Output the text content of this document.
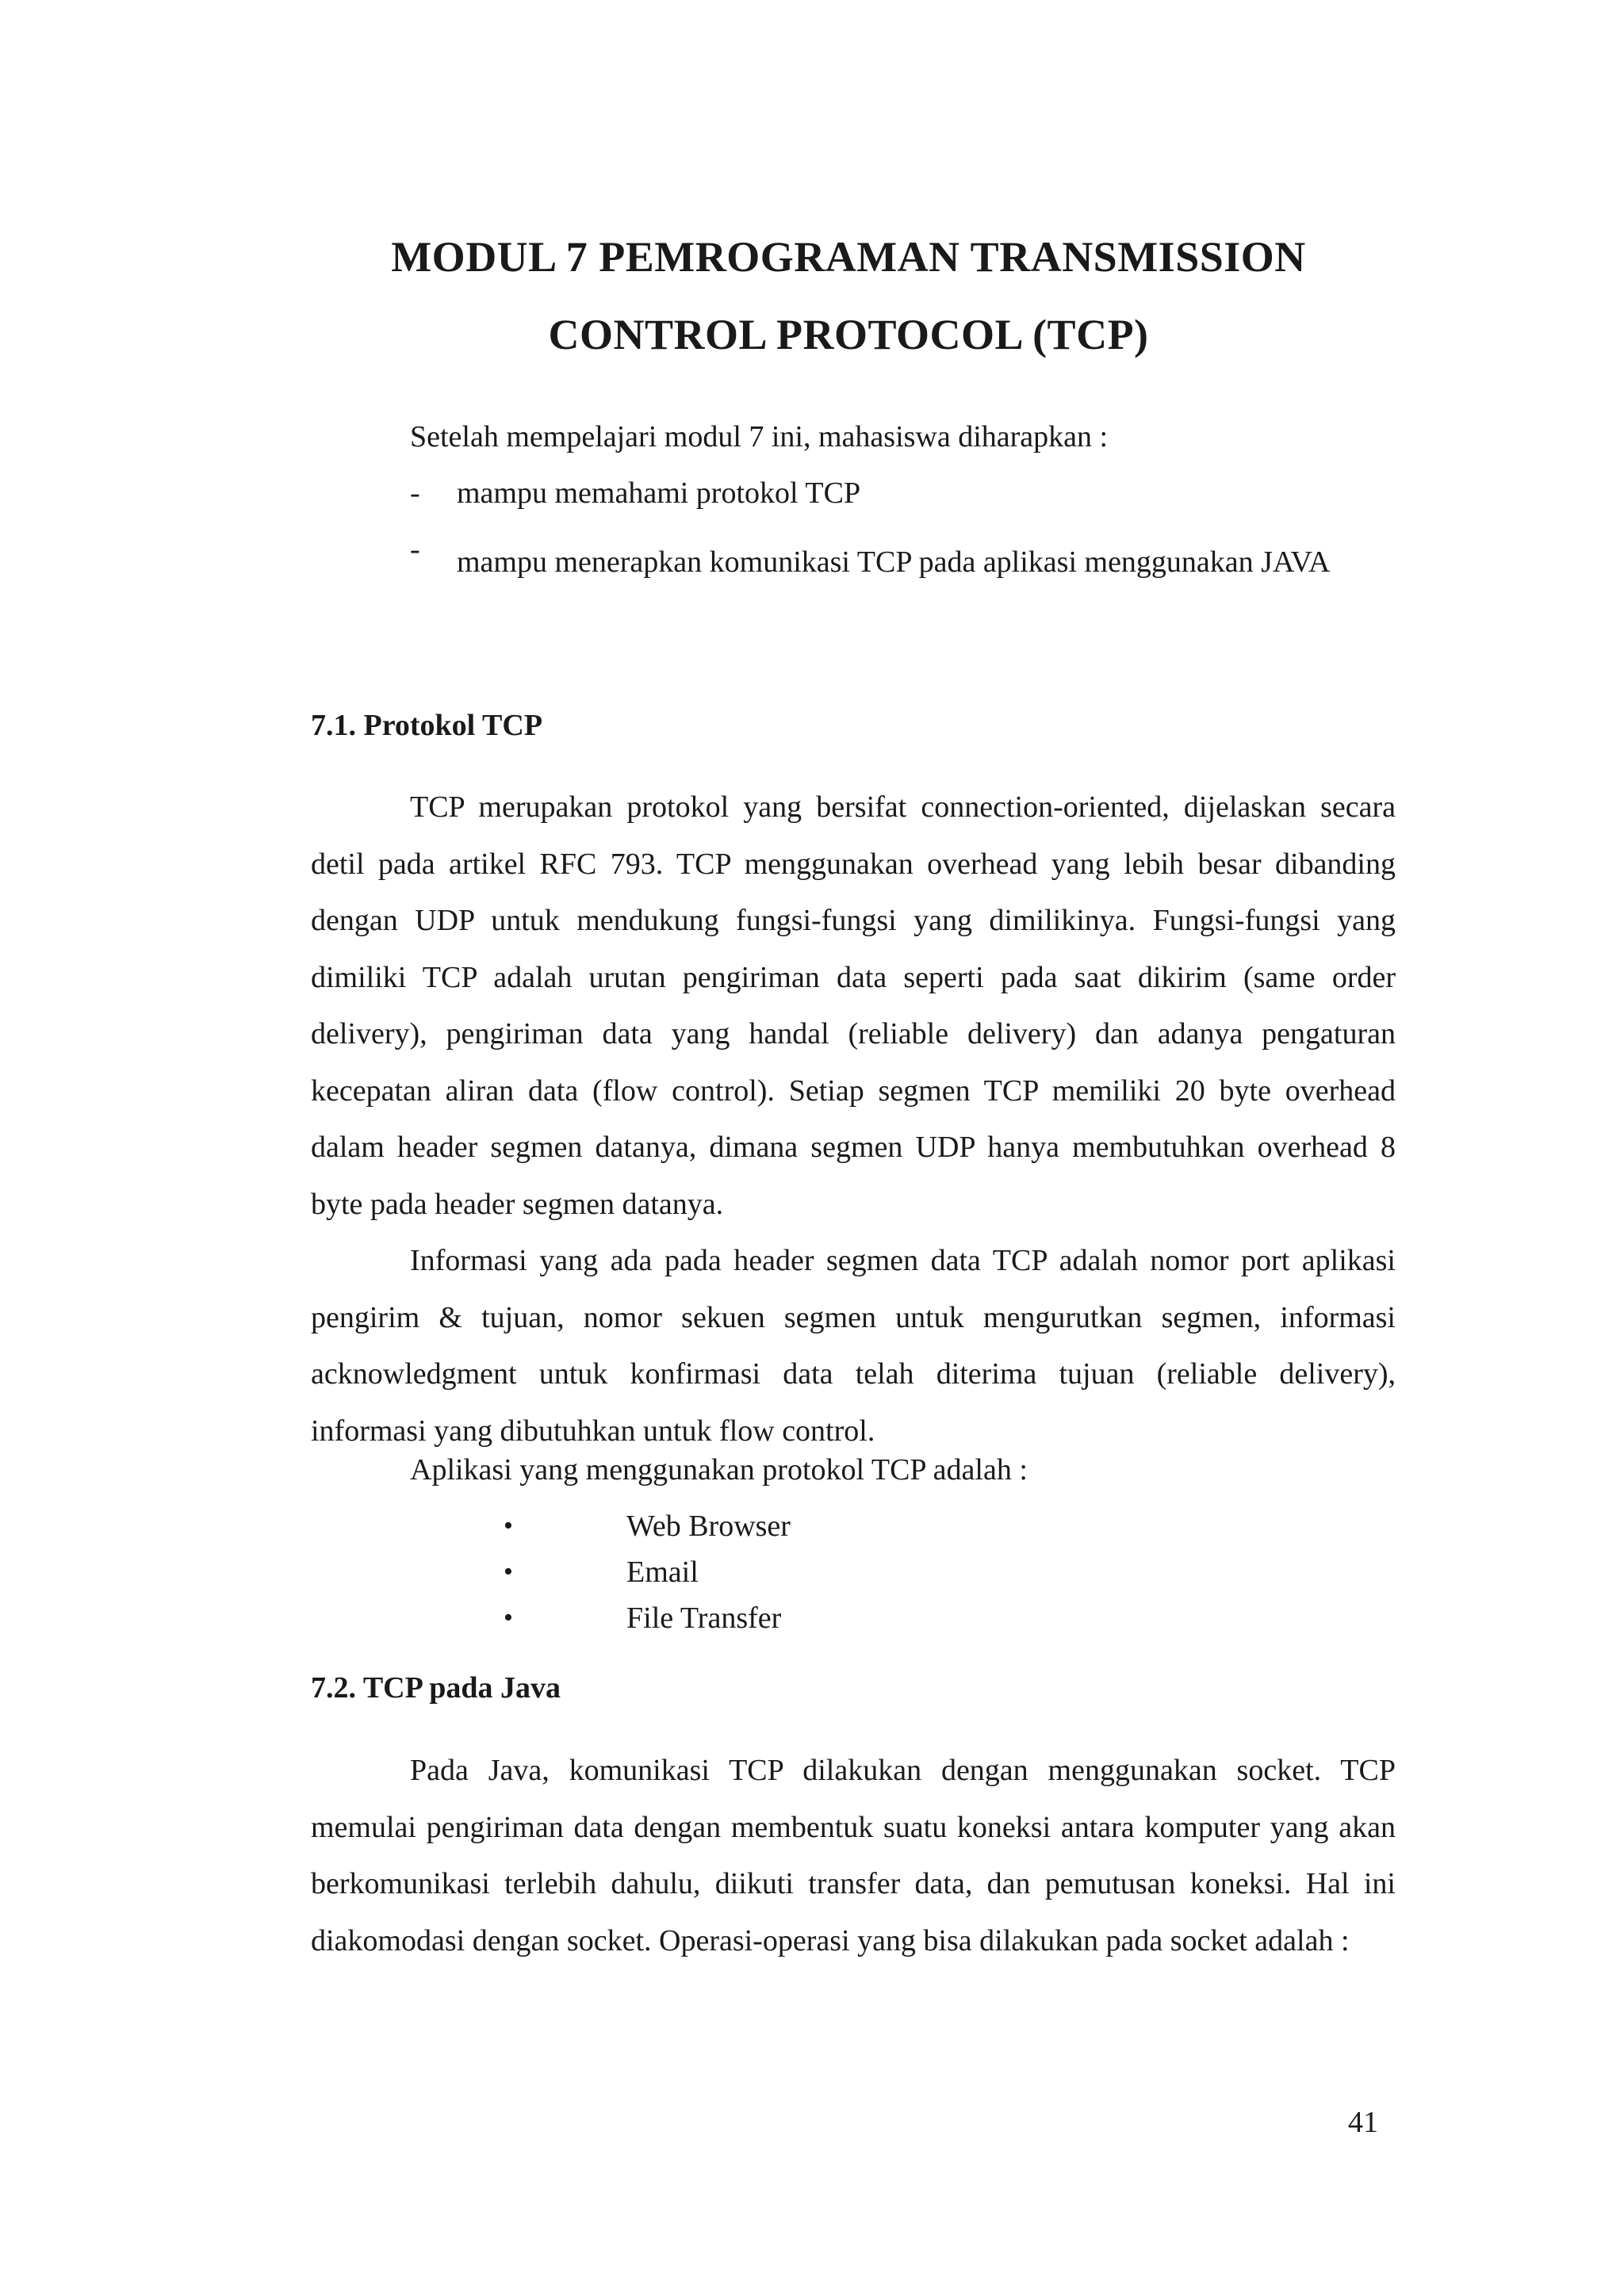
MODUL 7 PEMROGRAMAN TRANSMISSION
CONTROL PROTOCOL (TCP)
Setelah mempelajari modul 7 ini, mahasiswa diharapkan :
- mampu memahami protokol TCP
- mampu menerapkan komunikasi TCP pada aplikasi menggunakan JAVA
7.1. Protokol TCP

TCP merupakan protokol yang bersifat connection-oriented, dijelaskan secara detil pada artikel RFC 793. TCP menggunakan overhead yang lebih besar dibanding dengan UDP untuk mendukung fungsi-fungsi yang dimilikinya. Fungsi-fungsi yang dimiliki TCP adalah urutan pengiriman data seperti pada saat dikirim (same order delivery), pengiriman data yang handal (reliable delivery) dan adanya pengaturan kecepatan aliran data (flow control). Setiap segmen TCP memiliki 20 byte overhead dalam header segmen datanya, dimana segmen UDP hanya membutuhkan overhead 8 byte pada header segmen datanya.

Informasi yang ada pada header segmen data TCP adalah nomor port aplikasi pengirim & tujuan, nomor sekuen segmen untuk mengurutkan segmen, informasi acknowledgment untuk konfirmasi data telah diterima tujuan (reliable delivery), informasi yang dibutuhkan untuk flow control.

Aplikasi yang menggunakan protokol TCP adalah :
•	Web Browser
•	Email
•	File Transfer
7.2. TCP pada Java

Pada Java, komunikasi TCP dilakukan dengan menggunakan socket. TCP memulai pengiriman data dengan membentuk suatu koneksi antara komputer yang akan berkomunikasi terlebih dahulu, diikuti transfer data, dan pemutusan koneksi. Hal ini diakomodasi dengan socket. Operasi-operasi yang bisa dilakukan pada socket adalah :

41
